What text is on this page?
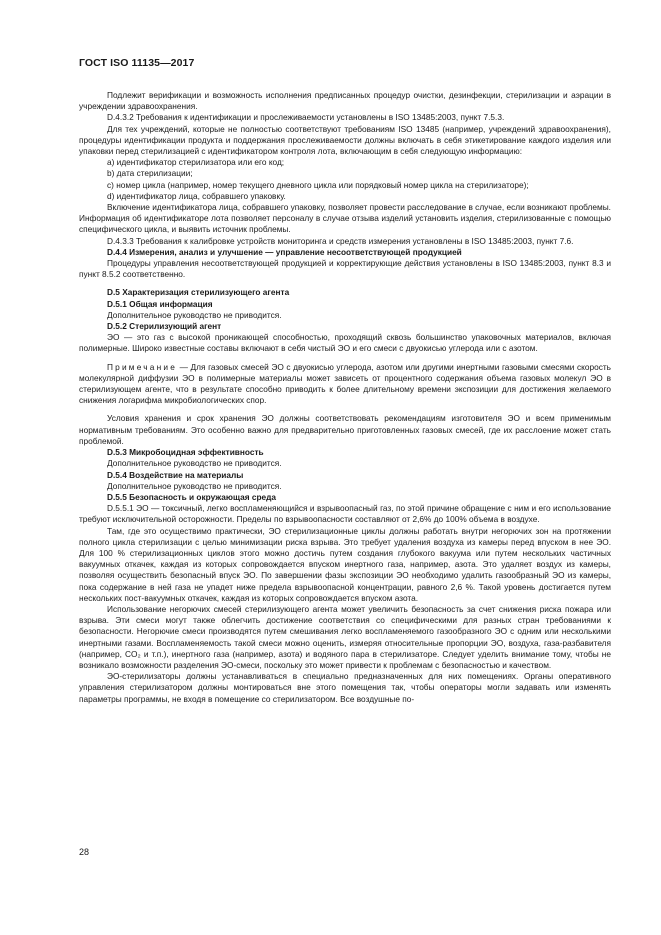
ГОСТ ISO 11135—2017

Подлежит верификации и возможность исполнения предписанных процедур очистки, дезинфекции, стерилизации и аэрации в учреждении здравоохранения.

D.4.3.2 Требования к идентификации и прослеживаемости установлены в ISO 13485:2003, пункт 7.5.3.

Для тех учреждений, которые не полностью соответствуют требованиям ISO 13485 (например, учреждений здравоохранения), процедуры идентификации продукта и поддержания прослеживаемости должны включать в себя этикетирование каждого изделия или упаковки перед стерилизацией с идентификатором контроля лота, включающим в себя следующую информацию:

a) идентификатор стерилизатора или его код;

b) дата стерилизации;

c) номер цикла (например, номер текущего дневного цикла или порядковый номер цикла на стерилизаторе);

d) идентификатор лица, собравшего упаковку.

Включение идентификатора лица, собравшего упаковку, позволяет провести расследование в случае, если возникают проблемы. Информация об идентификаторе лота позволяет персоналу в случае отзыва изделий установить изделия, стерилизованные с помощью специфического цикла, и выявить источник проблемы.

D.4.3.3 Требования к калибровке устройств мониторинга и средств измерения установлены в ISO 13485:2003, пункт 7.6.

D.4.4 Измерения, анализ и улучшение — управление несоответствующей продукцией

Процедуры управления несоответствующей продукцией и корректирующие действия установлены в ISO 13485:2003, пункт 8.3 и пункт 8.5.2 соответственно.

D.5 Характеризация стерилизующего агента

D.5.1 Общая информация

Дополнительное руководство не приводится.

D.5.2 Стерилизующий агент

ЭО — это газ с высокой проникающей способностью, проходящий сквозь большинство упаковочных материалов, включая полимерные. Широко известные составы включают в себя чистый ЭО и его смеси с двуокисью углерода или с азотом.

Примечание — Для газовых смесей ЭО с двуокисью углерода, азотом или другими инертными газовыми смесями скорость молекулярной диффузии ЭО в полимерные материалы может зависеть от процентного содержания объема газовых молекул ЭО в стерилизующем агенте, что в результате способно приводить к более длительному времени экспозиции для достижения желаемого снижения логарифма микробиологических спор.

Условия хранения и срок хранения ЭО должны соответствовать рекомендациям изготовителя ЭО и всем применимым нормативным требованиям. Это особенно важно для предварительно приготовленных газовых смесей, где их расслоение может стать проблемой.

D.5.3 Микробоцидная эффективность

Дополнительное руководство не приводится.

D.5.4 Воздействие на материалы

Дополнительное руководство не приводится.

D.5.5 Безопасность и окружающая среда

D.5.5.1 ЭО — токсичный, легко воспламеняющийся и взрывоопасный газ, по этой причине обращение с ним и его использование требуют исключительной осторожности. Пределы по взрывоопасности составляют от 2,6% до 100% объема в воздухе.

Там, где это осуществимо практически, ЭО стерилизационные циклы должны работать внутри негорючих зон на протяжении полного цикла стерилизации с целью минимизации риска взрыва. Это требует удаления воздуха из камеры перед впуском в нее ЭО. Для 100 % стерилизационных циклов этого можно достичь путем создания глубокого вакуума или путем нескольких частичных вакуумных откачек, каждая из которых сопровождается впуском инертного газа, например, азота. Это удаляет воздух из камеры, позволяя осуществить безопасный впуск ЭО. По завершении фазы экспозиции ЭО необходимо удалить газообразный ЭО из камеры, пока содержание в ней газа не упадет ниже предела взрывоопасной концентрации, равного 2,6 %. Такой уровень достигается путем нескольких пост-вакуумных откачек, каждая из которых сопровождается впуском азота.

Использование негорючих смесей стерилизующего агента может увеличить безопасность за счет снижения риска пожара или взрыва. Эти смеси могут также облегчить достижение соответствия со специфическими для разных стран требованиями к безопасности. Негорючие смеси производятся путем смешивания легко воспламеняемого газообразного ЭО с одним или несколькими инертными газами. Воспламеняемость такой смеси можно оценить, измеряя относительные пропорции ЭО, воздуха, газа-разбавителя (например, CO₂ и т.п.), инертного газа (например, азота) и водяного пара в стерилизаторе. Следует уделить внимание тому, чтобы не возникало возможности разделения ЭО-смеси, поскольку это может привести к проблемам с безопасностью и качеством.

ЭО-стерилизаторы должны устанавливаться в специально предназначенных для них помещениях. Органы оперативного управления стерилизатором должны монтироваться вне этого помещения так, чтобы операторы могли задавать или изменять параметры программы, не входя в помещение со стерилизатором. Все воздушные по-

28
